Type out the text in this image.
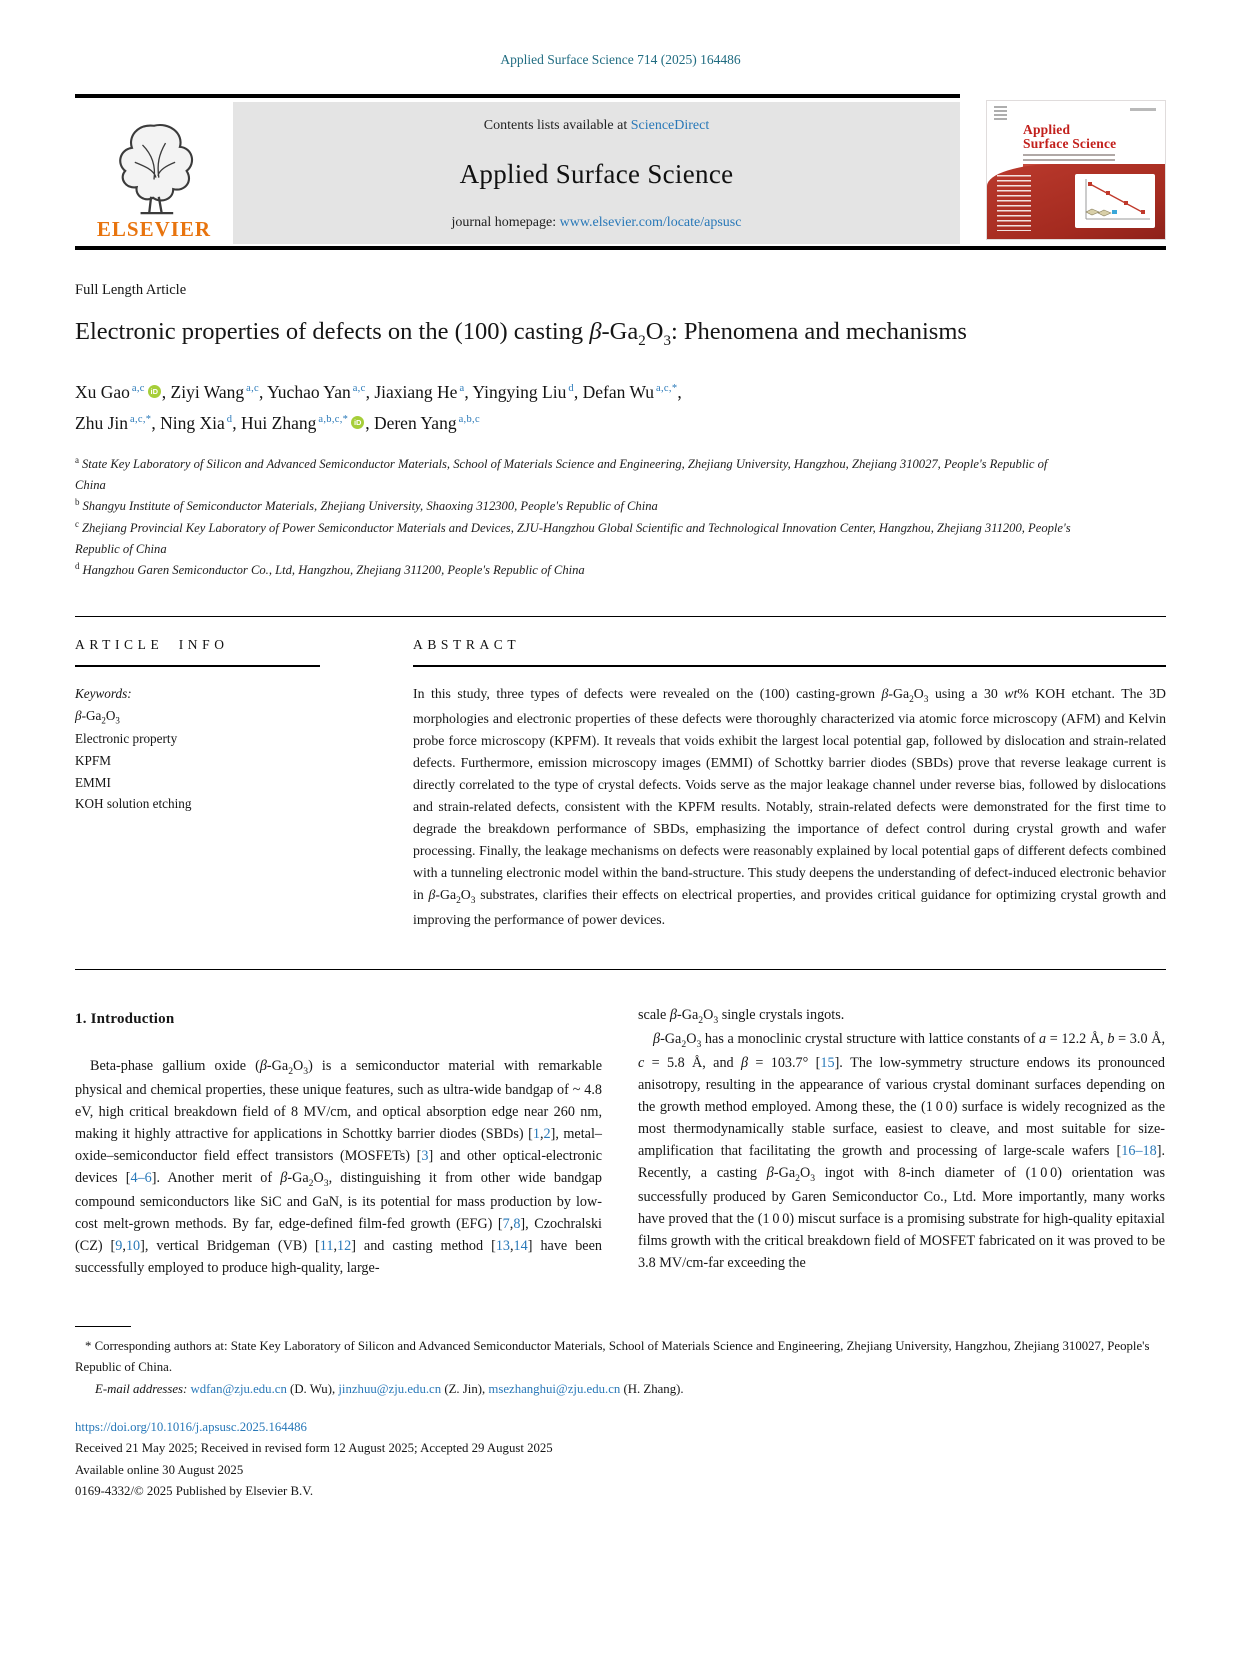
Applied Surface Science 714 (2025) 164486
ELSEVIER
Contents lists available at ScienceDirect
Applied Surface Science
journal homepage: www.elsevier.com/locate/apsusc
Applied
Surface Science
Full Length Article
Electronic properties of defects on the (100) casting $\beta-Ga_2O_3$: Phenomena and mechanisms
Xu Gao $^{a,c}$ iD , Ziyi Wang $^{a,c}$, Yuchao Yan $^{a,c}$, Jiaxiang He $^a$, Yingying Liu $^d$, Defan Wu $^{a,c,*}$,
Zhu Jin $^{a,c,*}$, Ning Xia $^d$, Hui Zhang $^{a,b,c,*}$ iD , Deren Yang $^{a,b,c}$
$^a$ State Key Laboratory of Silicon and Advanced Semiconductor Materials, School of Materials Science and Engineering, Zhejiang University, Hangzhou, Zhejiang 310027, People's Republic of China
$^b$ Shangyu Institute of Semiconductor Materials, Zhejiang University, Shaoxing 312300, People's Republic of China
$^c$ Zhejiang Provincial Key Laboratory of Power Semiconductor Materials and Devices, ZJU-Hangzhou Global Scientific and Technological Innovation Center, Hangzhou, Zhejiang 311200, People's Republic of China
$^d$ Hangzhou Garen Semiconductor Co., Ltd, Hangzhou, Zhejiang 311200, People's Republic of China
ARTICLE INFO
Keywords:
$\beta-Ga_2O_3$
Electronic property
KPFM
EMMI
KOH solution etching
ABSTRACT
In this study, three types of defects were revealed on the (100) casting-grown $\beta-Ga_2O_3$ using a 30 wt% KOH etchant. The 3D morphologies and electronic properties of these defects were thoroughly characterized via atomic force microscopy (AFM) and Kelvin probe force microscopy (KPFM). It reveals that voids exhibit the largest local potential gap, followed by dislocation and strain-related defects. Furthermore, emission microscopy images (EMMI) of Schottky barrier diodes (SBDs) prove that reverse leakage current is directly correlated to the type of crystal defects. Voids serve as the major leakage channel under reverse bias, followed by dislocations and strain-related defects, consistent with the KPFM results. Notably, strain-related defects were demonstrated for the first time to degrade the breakdown performance of SBDs, emphasizing the importance of defect control during crystal growth and wafer processing. Finally, the leakage mechanisms on defects were reasonably explained by local potential gaps of different defects combined with a tunneling electronic model within the band-structure. This study deepens the understanding of defect-induced electronic behavior in $\beta-Ga_2O_3$ substrates, clarifies their effects on electrical properties, and provides critical guidance for optimizing crystal growth and improving the performance of power devices.
1. Introduction

Beta-phase gallium oxide $(\beta-Ga_2O_3)$ is a semiconductor material with remarkable physical and chemical properties, these unique features, such as ultra-wide bandgap of ~ 4.8 eV, high critical breakdown field of 8 MV/cm, and optical absorption edge near 260 nm, making it highly attractive for applications in Schottky barrier diodes (SBDs) [1,2], metal–oxide–semiconductor field effect transistors (MOSFETs) [3] and other optical-electronic devices [4–6]. Another merit of $\beta-Ga_2O_3$, distinguishing it from other wide bandgap compound semiconductors like SiC and GaN, is its potential for mass production by low-cost melt-grown methods. By far, edge-defined film-fed growth (EFG) [7,8], Czochralski (CZ) [9,10], vertical Bridgeman (VB) [11,12] and casting method [13,14] have been successfully employed to produce high-quality, large-

scale $\beta-Ga_2O_3$ single crystals ingots.

$\beta-Ga_2O_3$ has a monoclinic crystal structure with lattice constants of a = 12.2 Å, b = 3.0 Å, c = 5.8 Å, and β = 103.7° [15]. The low-symmetry structure endows its pronounced anisotropy, resulting in the appearance of various crystal dominant surfaces depending on the growth method employed. Among these, the (1 0 0) surface is widely recognized as the most thermodynamically stable surface, easiest to cleave, and most suitable for size-amplification that facilitating the growth and processing of large-scale wafers [16–18]. Recently, a casting $\beta-Ga_2O_3$ ingot with 8-inch diameter of (1 0 0) orientation was successfully produced by Garen Semiconductor Co., Ltd. More importantly, many works have proved that the (1 0 0) miscut surface is a promising substrate for high-quality epitaxial films growth with the critical breakdown field of MOSFET fabricated on it was proved to be 3.8 MV/cm-far exceeding the

* Corresponding authors at: State Key Laboratory of Silicon and Advanced Semiconductor Materials, School of Materials Science and Engineering, Zhejiang University, Hangzhou, Zhejiang 310027, People's Republic of China.
E-mail addresses: wdfan@zju.edu.cn (D. Wu), jinzhuu@zju.edu.cn (Z. Jin), msezhanghui@zju.edu.cn (H. Zhang).
https://doi.org/10.1016/j.apsusc.2025.164486
Received 21 May 2025; Received in revised form 12 August 2025; Accepted 29 August 2025
Available online 30 August 2025
0169-4332/© 2025 Published by Elsevier B.V.
